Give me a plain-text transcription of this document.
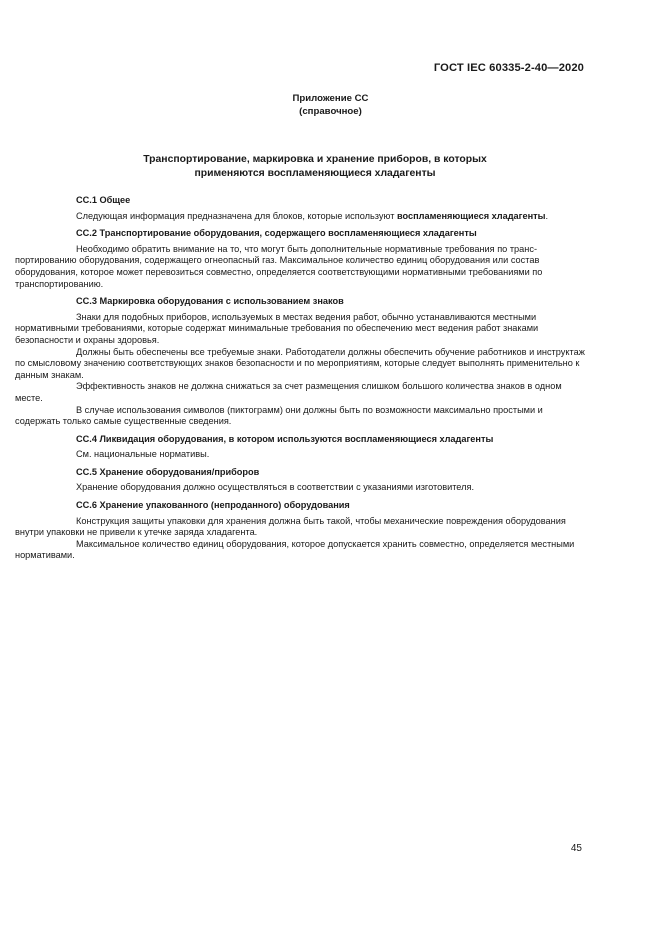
ГОСТ IEC 60335-2-40—2020
Приложение СС
(справочное)
Транспортирование, маркировка и хранение приборов, в которых
применяются воспламеняющиеся хладагенты

СС.1 Общее

Следующая информация предназначена для блоков, которые используют воспламеняющиеся хладагенты.

СС.2 Транспортирование оборудования, содержащего воспламеняющиеся хладагенты

Необходимо обратить внимание на то, что могут быть дополнительные нормативные требования по транспортированию оборудования, содержащего огнеопасный газ. Максимальное количество единиц оборудования или состав оборудования, которое может перевозиться совместно, определяется соответствующими нормативными требованиями по транспортированию.

СС.3 Маркировка оборудования с использованием знаков

Знаки для подобных приборов, используемых в местах ведения работ, обычно устанавливаются местными нормативными требованиями, которые содержат минимальные требования по обеспечению мест ведения работ знаками безопасности и охраны здоровья.

Должны быть обеспечены все требуемые знаки. Работодатели должны обеспечить обучение работников и инструктаж по смысловому значению соответствующих знаков безопасности и по мероприятиям, которые следует выполнять применительно к данным знакам.

Эффективность знаков не должна снижаться за счет размещения слишком большого количества знаков в одном месте.

В случае использования символов (пиктограмм) они должны быть по возможности максимально простыми и содержать только самые существенные сведения.

СС.4 Ликвидация оборудования, в котором используются воспламеняющиеся хладагенты

См. национальные нормативы.

СС.5 Хранение оборудования/приборов

Хранение оборудования должно осуществляться в соответствии с указаниями изготовителя.

СС.6 Хранение упакованного (непроданного) оборудования

Конструкция защиты упаковки для хранения должна быть такой, чтобы механические повреждения оборудования внутри упаковки не привели к утечке заряда хладагента.

Максимальное количество единиц оборудования, которое допускается хранить совместно, определяется местными нормативами.

45
